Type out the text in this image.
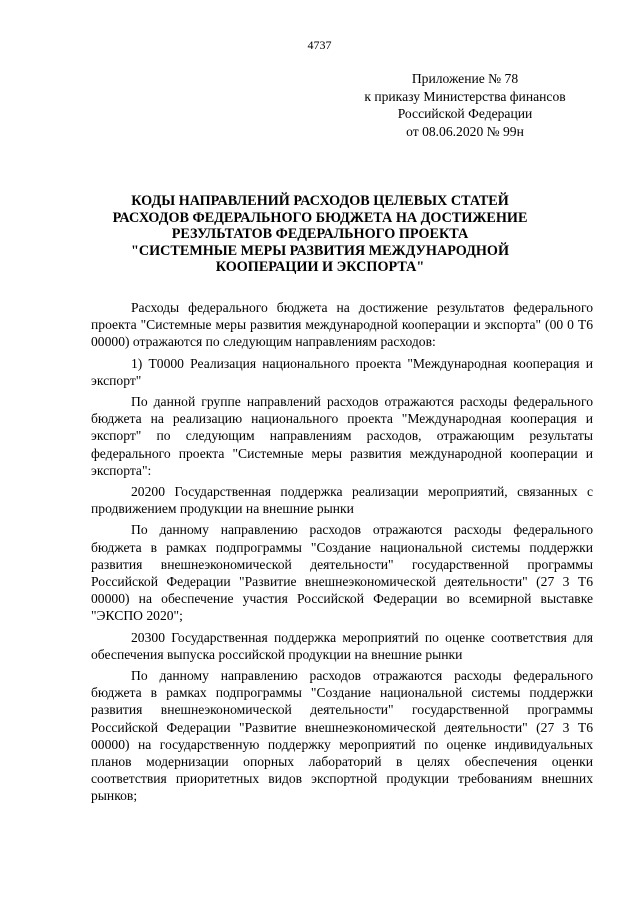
4737
Приложение № 78
к приказу Министерства финансов
Российской Федерации
от 08.06.2020 № 99н
КОДЫ НАПРАВЛЕНИЙ РАСХОДОВ ЦЕЛЕВЫХ СТАТЕЙ
РАСХОДОВ ФЕДЕРАЛЬНОГО БЮДЖЕТА НА ДОСТИЖЕНИЕ
РЕЗУЛЬТАТОВ ФЕДЕРАЛЬНОГО ПРОЕКТА
"СИСТЕМНЫЕ МЕРЫ РАЗВИТИЯ МЕЖДУНАРОДНОЙ
КООПЕРАЦИИ И ЭКСПОРТА"

Расходы федерального бюджета на достижение результатов федерального проекта "Системные меры развития международной кооперации и экспорта" (00 0 Т6 00000) отражаются по следующим направлениям расходов:

1) Т0000 Реализация национального проекта "Международная кооперация и экспорт"

По данной группе направлений расходов отражаются расходы федерального бюджета на реализацию национального проекта "Международная кооперация и экспорт" по следующим направлениям расходов, отражающим результаты федерального проекта "Системные меры развития международной кооперации и экспорта":

20200 Государственная поддержка реализации мероприятий, связанных с продвижением продукции на внешние рынки

По данному направлению расходов отражаются расходы федерального бюджета в рамках подпрограммы "Создание национальной системы поддержки развития внешнеэкономической деятельности" государственной программы Российской Федерации "Развитие внешнеэкономической деятельности" (27 3 Т6 00000) на обеспечение участия Российской Федерации во всемирной выставке "ЭКСПО 2020";

20300 Государственная поддержка мероприятий по оценке соответствия для обеспечения выпуска российской продукции на внешние рынки

По данному направлению расходов отражаются расходы федерального бюджета в рамках подпрограммы "Создание национальной системы поддержки развития внешнеэкономической деятельности" государственной программы Российской Федерации "Развитие внешнеэкономической деятельности" (27 3 Т6 00000) на государственную поддержку мероприятий по оценке индивидуальных планов модернизации опорных лабораторий в целях обеспечения оценки соответствия приоритетных видов экспортной продукции требованиям внешних рынков;
